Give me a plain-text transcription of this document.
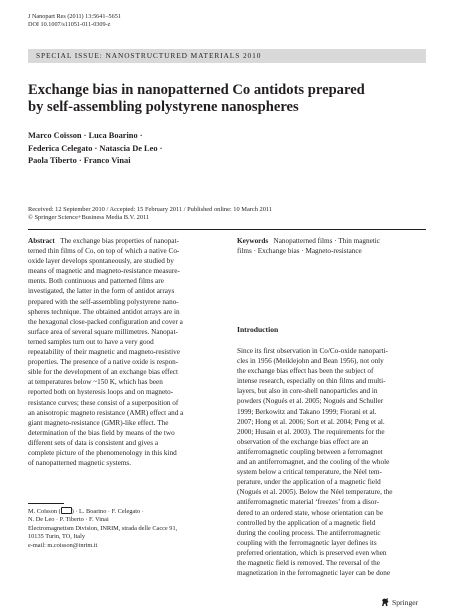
J Nanopart Res (2011) 13:5641–5651
DOI 10.1007/s11051-011-0309-z
SPECIAL ISSUE: NANOSTRUCTURED MATERIALS 2010
Exchange bias in nanopatterned Co antidots prepared
by self-assembling polystyrene nanospheres
Marco Coïsson · Luca Boarino ·
Federica Celegato · Natascia De Leo ·
Paola Tiberto · Franco Vinai
Received: 12 September 2010 / Accepted: 15 February 2011 / Published online: 10 March 2011
© Springer Science+Business Media B.V. 2011
Abstract The exchange bias properties of nanopat-
terned thin films of Co, on top of which a native Co-
oxide layer develops spontaneously, are studied by
means of magnetic and magneto-resistance measure-
ments. Both continuous and patterned films are
investigated, the latter in the form of antidot arrays
prepared with the self-assembling polystyrene nano-
spheres technique. The obtained antidot arrays are in
the hexagonal close-packed configuration and cover a
surface area of several square millimetres. Nanopat-
terned samples turn out to have a very good
repeatability of their magnetic and magneto-resistive
properties. The presence of a native oxide is respon-
sible for the development of an exchange bias effect
at temperatures below ~150 K, which has been
reported both on hysteresis loops and on magneto-
resistance curves; these consist of a superposition of
an anisotropic magneto resistance (AMR) effect and a
giant magneto-resistance (GMR)-like effect. The
determination of the bias field by means of the two
different sets of data is consistent and gives a
complete picture of the phenomenology in this kind
of nanopatterned magnetic systems.
Keywords Nanopatterned films · Thin magnetic
films · Exchange bias · Magneto-resistance
Introduction
Since its first observation in Co/Co-oxide nanoparti-
cles in 1956 (Meiklejohn and Bean 1956), not only
the exchange bias effect has been the subject of
intense research, especially on thin films and multi-
layers, but also in core-shell nanoparticles and in
powders (Nogués et al. 2005; Nogués and Schuller
1999; Berkowitz and Takano 1999; Fiorani et al.
2007; Hong et al. 2006; Sort et al. 2004; Peng et al.
2000; Husain et al. 2003). The requirements for the
observation of the exchange bias effect are an
antiferromagnetic coupling between a ferromagnet
and an antiferromagnet, and the cooling of the whole
system below a critical temperature, the Néel tem-
perature, under the application of a magnetic field
(Nogués et al. 2005). Below the Néel temperature, the
antiferromagnetic material ‘freezes’ from a disor-
dered to an ordered state, whose orientation can be
controlled by the application of a magnetic field
during the cooling process. The antiferromagnetic
coupling with the ferromagnetic layer defines its
preferred orientation, which is preserved even when
the magnetic field is removed. The reversal of the
magnetization in the ferromagnetic layer can be done
M. Coïsson ( ) · L. Boarino · F. Celegato ·
N. De Leo · P. Tiberto · F. Vinai
Electromagnetism Division, INRIM, strada delle Cacce 91,
10135 Turin, TO, Italy
e-mail: m.coisson@inrim.it
Springer
